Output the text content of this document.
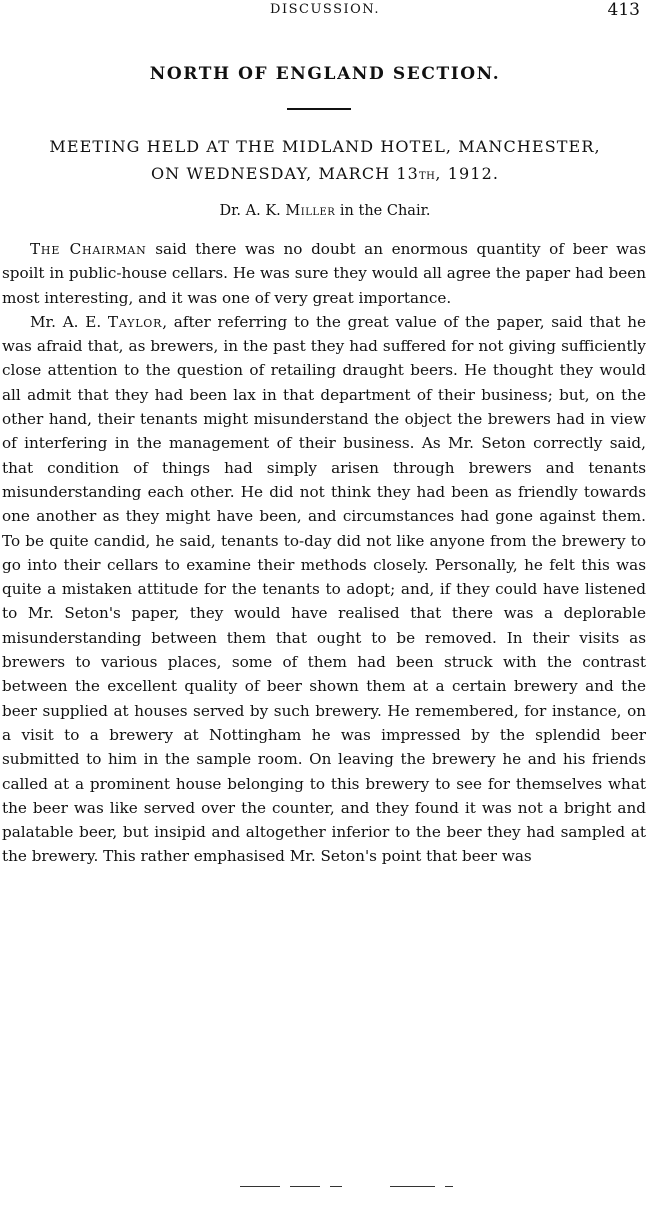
DISCUSSION.	413
NORTH OF ENGLAND SECTION.
MEETING HELD AT THE MIDLAND HOTEL, MANCHESTER,
ON WEDNESDAY, MARCH 13TH, 1912.
Dr. A. K. Miller in the Chair.

The Chairman said there was no doubt an enormous quantity of beer was spoilt in public-house cellars. He was sure they would all agree the paper had been most interesting, and it was one of very great importance.

Mr. A. E. Taylor, after referring to the great value of the paper, said that he was afraid that, as brewers, in the past they had suffered for not giving sufficiently close attention to the question of retailing draught beers. He thought they would all admit that they had been lax in that department of their business; but, on the other hand, their tenants might misunderstand the object the brewers had in view of interfering in the management of their business. As Mr. Seton correctly said, that condition of things had simply arisen through brewers and tenants misunderstanding each other. He did not think they had been as friendly towards one another as they might have been, and circumstances had gone against them. To be quite candid, he said, tenants to-day did not like anyone from the brewery to go into their cellars to examine their methods closely. Personally, he felt this was quite a mistaken attitude for the tenants to adopt; and, if they could have listened to Mr. Seton's paper, they would have realised that there was a deplorable misunderstanding between them that ought to be removed. In their visits as brewers to various places, some of them had been struck with the contrast between the excellent quality of beer shown them at a certain brewery and the beer supplied at houses served by such brewery. He remembered, for instance, on a visit to a brewery at Nottingham he was impressed by the splendid beer submitted to him in the sample room. On leaving the brewery he and his friends called at a prominent house belonging to this brewery to see for themselves what the beer was like served over the counter, and they found it was not a bright and palatable beer, but insipid and altogether inferior to the beer they had sampled at the brewery. This rather emphasised Mr. Seton's point that beer was
